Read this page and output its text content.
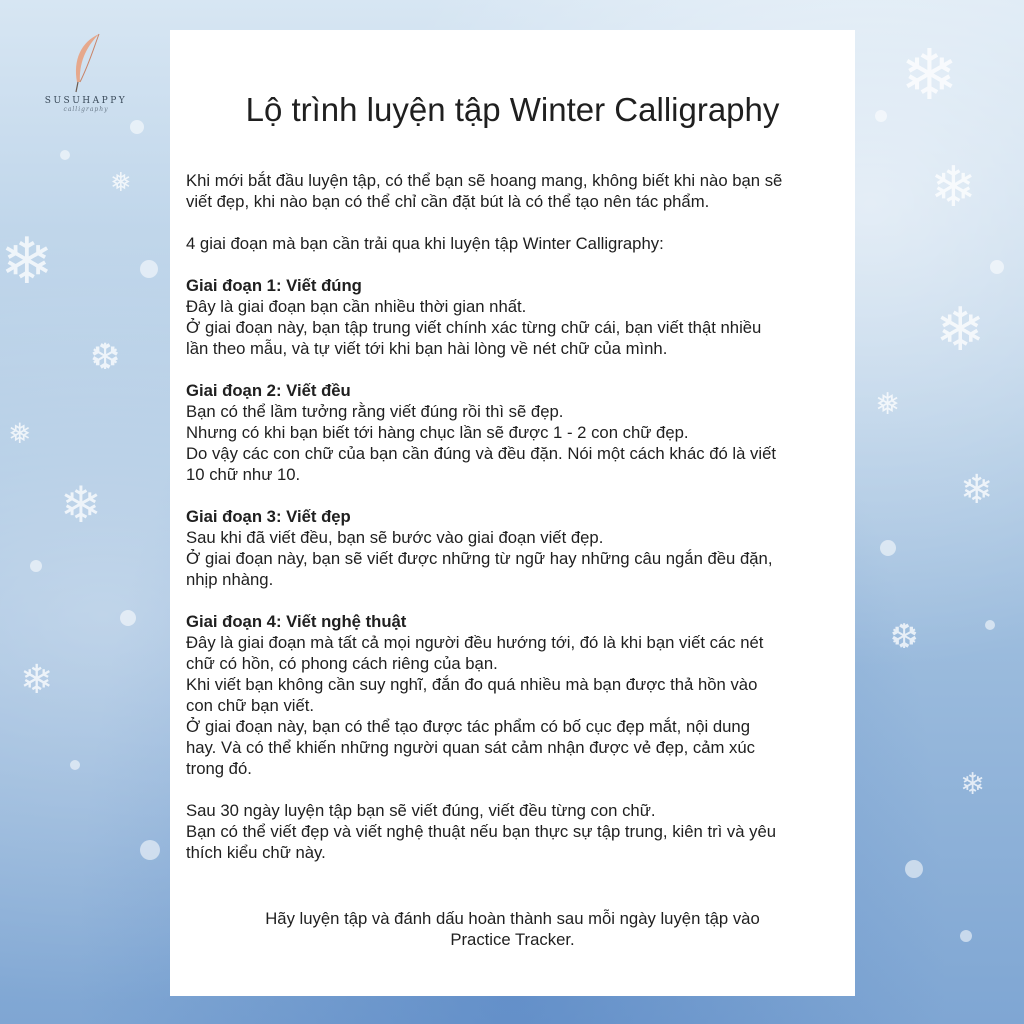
❄
❄
❄
❅
❄
❆
❄
❄
❄
❅
❆
❄
❅
SUSUHAPPY
calligraphy	Lộ trình luyện tập Winter Calligraphy
Khi mới bắt đầu luyện tập, có thể bạn sẽ hoang mang, không biết khi nào bạn sẽ
viết đẹp, khi nào bạn có thể chỉ cần đặt bút là có thể tạo nên tác phẩm.
4 giai đoạn mà bạn cần trải qua khi luyện tập Winter Calligraphy:
Giai đoạn 1: Viết đúng
Đây là giai đoạn bạn cần nhiều thời gian nhất.
Ở giai đoạn này, bạn tập trung viết chính xác từng chữ cái, bạn viết thật nhiều
lần theo mẫu, và tự viết tới khi bạn hài lòng về nét chữ của mình.
Giai đoạn 2: Viết đều
Bạn có thể lầm tưởng rằng viết đúng rồi thì sẽ đẹp.
Nhưng có khi bạn biết tới hàng chục lần sẽ được 1 - 2 con chữ đẹp.
Do vậy các con chữ của bạn cần đúng và đều đặn. Nói một cách khác đó là viết
10 chữ như 10.
Giai đoạn 3: Viết đẹp
Sau khi đã viết đều, bạn sẽ bước vào giai đoạn viết đẹp.
Ở giai đoạn này, bạn sẽ viết được những từ ngữ hay những câu ngắn đều đặn,
nhịp nhàng.
Giai đoạn 4: Viết nghệ thuật
Đây là giai đoạn mà tất cả mọi người đều hướng tới, đó là khi bạn viết các nét
chữ có hồn, có phong cách riêng của bạn.
Khi viết bạn không cần suy nghĩ, đắn đo quá nhiều mà bạn được thả hồn vào
con chữ bạn viết.
Ở giai đoạn này, bạn có thể tạo được tác phẩm có bố cục đẹp mắt, nội dung
hay. Và có thể khiến những người quan sát cảm nhận được vẻ đẹp, cảm xúc
trong đó.
Sau 30 ngày luyện tập bạn sẽ viết đúng, viết đều từng con chữ.
Bạn có thể viết đẹp và viết nghệ thuật nếu bạn thực sự tập trung, kiên trì và yêu
thích kiểu chữ này.
Hãy luyện tập và đánh dấu hoàn thành sau mỗi ngày luyện tập vào
Practice Tracker.
